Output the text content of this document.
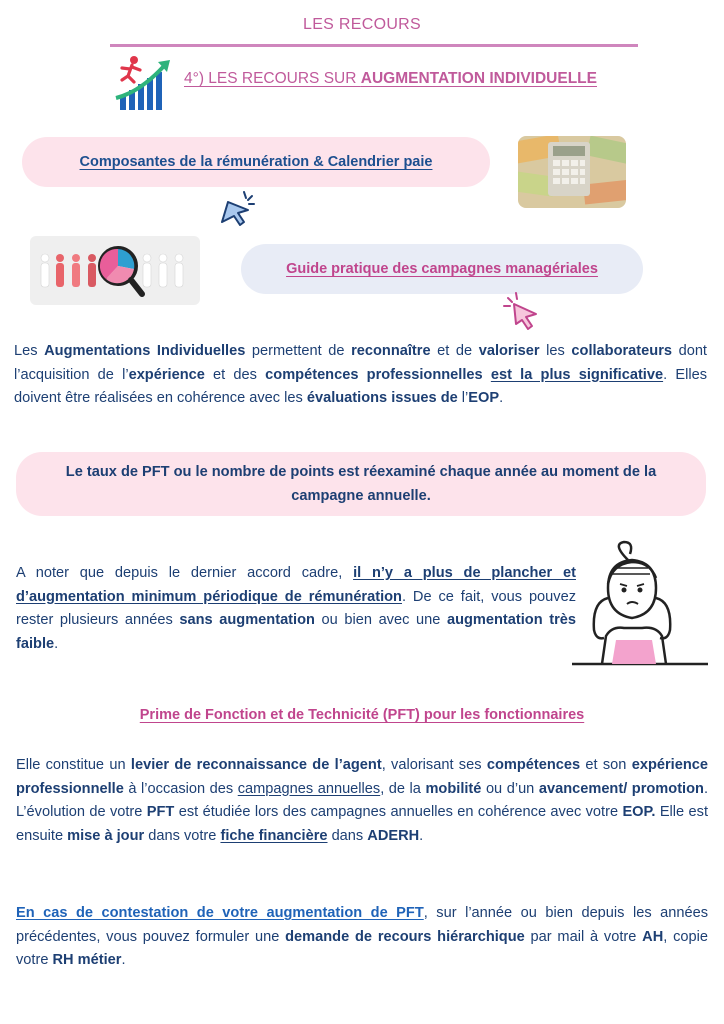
LES RECOURS
4°) LES RECOURS SUR AUGMENTATION INDIVIDUELLE
Composantes de la rémunération & Calendrier paie
Guide pratique des campagnes managériales
Les Augmentations Individuelles permettent de reconnaître et de valoriser les collaborateurs dont l’acquisition de l’expérience et des compétences professionnelles est la plus significative. Elles doivent être réalisées en cohérence avec les évaluations issues de l’EOP.
Le taux de PFT ou le nombre de points est réexaminé chaque année au moment de la campagne annuelle.
A noter que depuis le dernier accord cadre, il n’y a plus de plancher et d’augmentation minimum périodique de rémunération. De ce fait, vous pouvez rester plusieurs années sans augmentation ou bien avec une augmentation très faible.
Prime de Fonction et de Technicité (PFT) pour les fonctionnaires
Elle constitue un levier de reconnaissance de l’agent, valorisant ses compétences et son expérience professionnelle à l’occasion des campagnes annuelles, de la mobilité ou d’un avancement/ promotion. L’évolution de votre PFT est étudiée lors des campagnes annuelles en cohérence avec votre EOP. Elle est ensuite mise à jour dans votre fiche financière dans ADERH.
En cas de contestation de votre augmentation de PFT, sur l’année ou bien depuis les années précédentes, vous pouvez formuler une demande de recours hiérarchique par mail à votre AH, copie votre RH métier.
